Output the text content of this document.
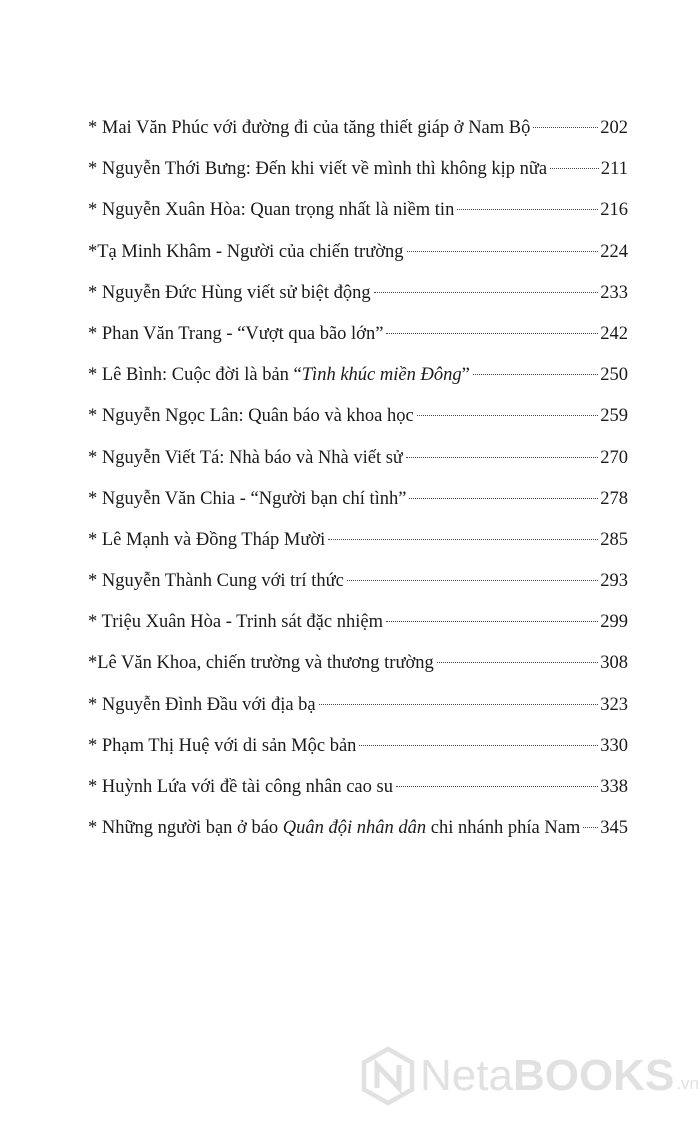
* Mai Văn Phúc với đường đi của tăng thiết giáp ở Nam Bộ	202
* Nguyễn Thới Bưng: Đến khi viết về mình thì không kịp nữa	211
* Nguyễn Xuân Hòa: Quan trọng nhất là niềm tin	216
*Tạ Minh Khâm - Người của chiến trường	224
* Nguyễn Đức Hùng viết sử biệt động	233
* Phan Văn Trang - “Vượt qua bão lớn”	242
* Lê Bình: Cuộc đời là bản “Tình khúc miền Đông”	250
* Nguyễn Ngọc Lân: Quân báo và khoa học	259
* Nguyễn Viết Tá: Nhà báo và Nhà viết sử	270
* Nguyễn Văn Chia - “Người bạn chí tình”	278
* Lê Mạnh và Đồng Tháp Mười	285
* Nguyễn Thành Cung với trí thức	293
* Triệu Xuân Hòa - Trinh sát đặc nhiệm	299
*Lê Văn Khoa, chiến trường và thương trường	308
* Nguyễn Đình Đầu với địa bạ	323
* Phạm Thị Huệ với di sản Mộc bản	330
* Huỳnh Lứa với đề tài công nhân cao su	338
* Những người bạn ở báo Quân đội nhân dân chi nhánh phía Nam 345
NetaBOOKS .vn
